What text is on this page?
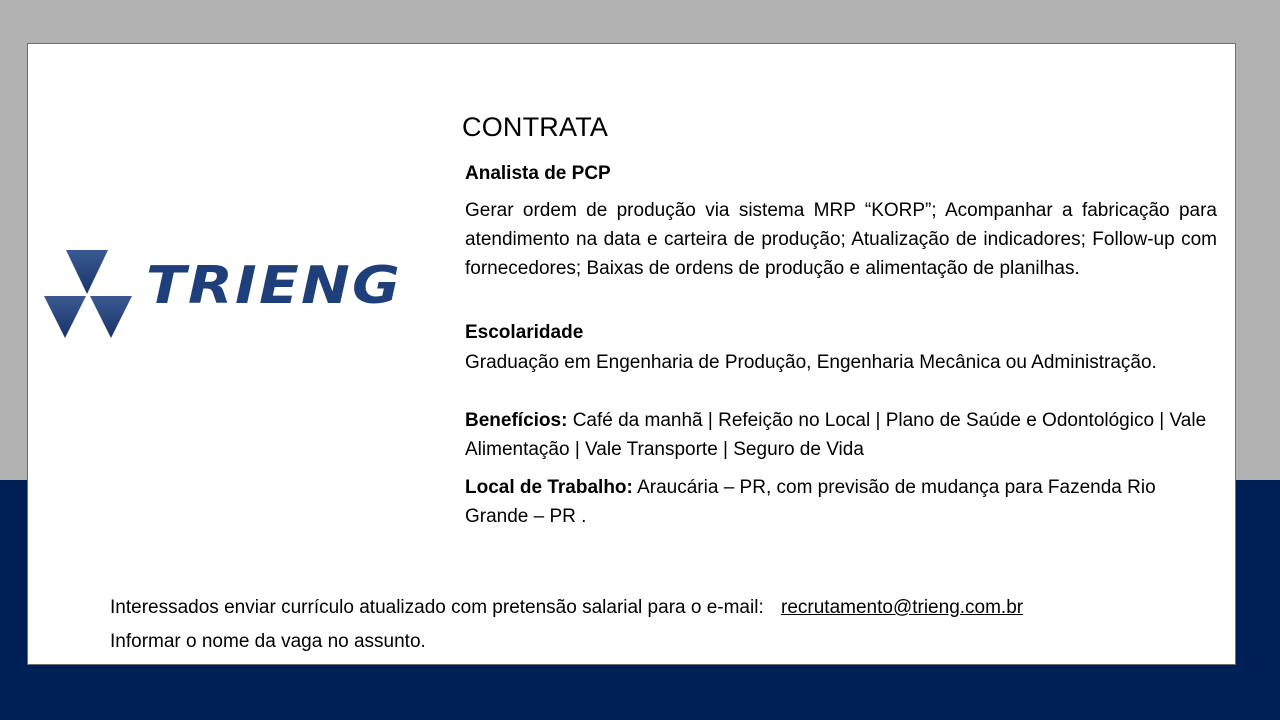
TRIENG
CONTRATA
Analista de PCP
Gerar ordem de produção via sistema MRP “KORP”; Acompanhar a fabricação para atendimento na data e carteira de produção; Atualização de indicadores; Follow-up com fornecedores; Baixas de ordens de produção e alimentação de planilhas.
Escolaridade
Graduação em Engenharia de Produção, Engenharia Mecânica ou Administração.
Benefícios: Café da manhã | Refeição no Local | Plano de Saúde e Odontológico | Vale Alimentação | Vale Transporte | Seguro de Vida
Local de Trabalho: Araucária – PR, com previsão de mudança para Fazenda Rio Grande – PR .
Interessados enviar currículo atualizado com pretensão salarial para o e-mail: recrutamento@trieng.com.br
Informar o nome da vaga no assunto.
